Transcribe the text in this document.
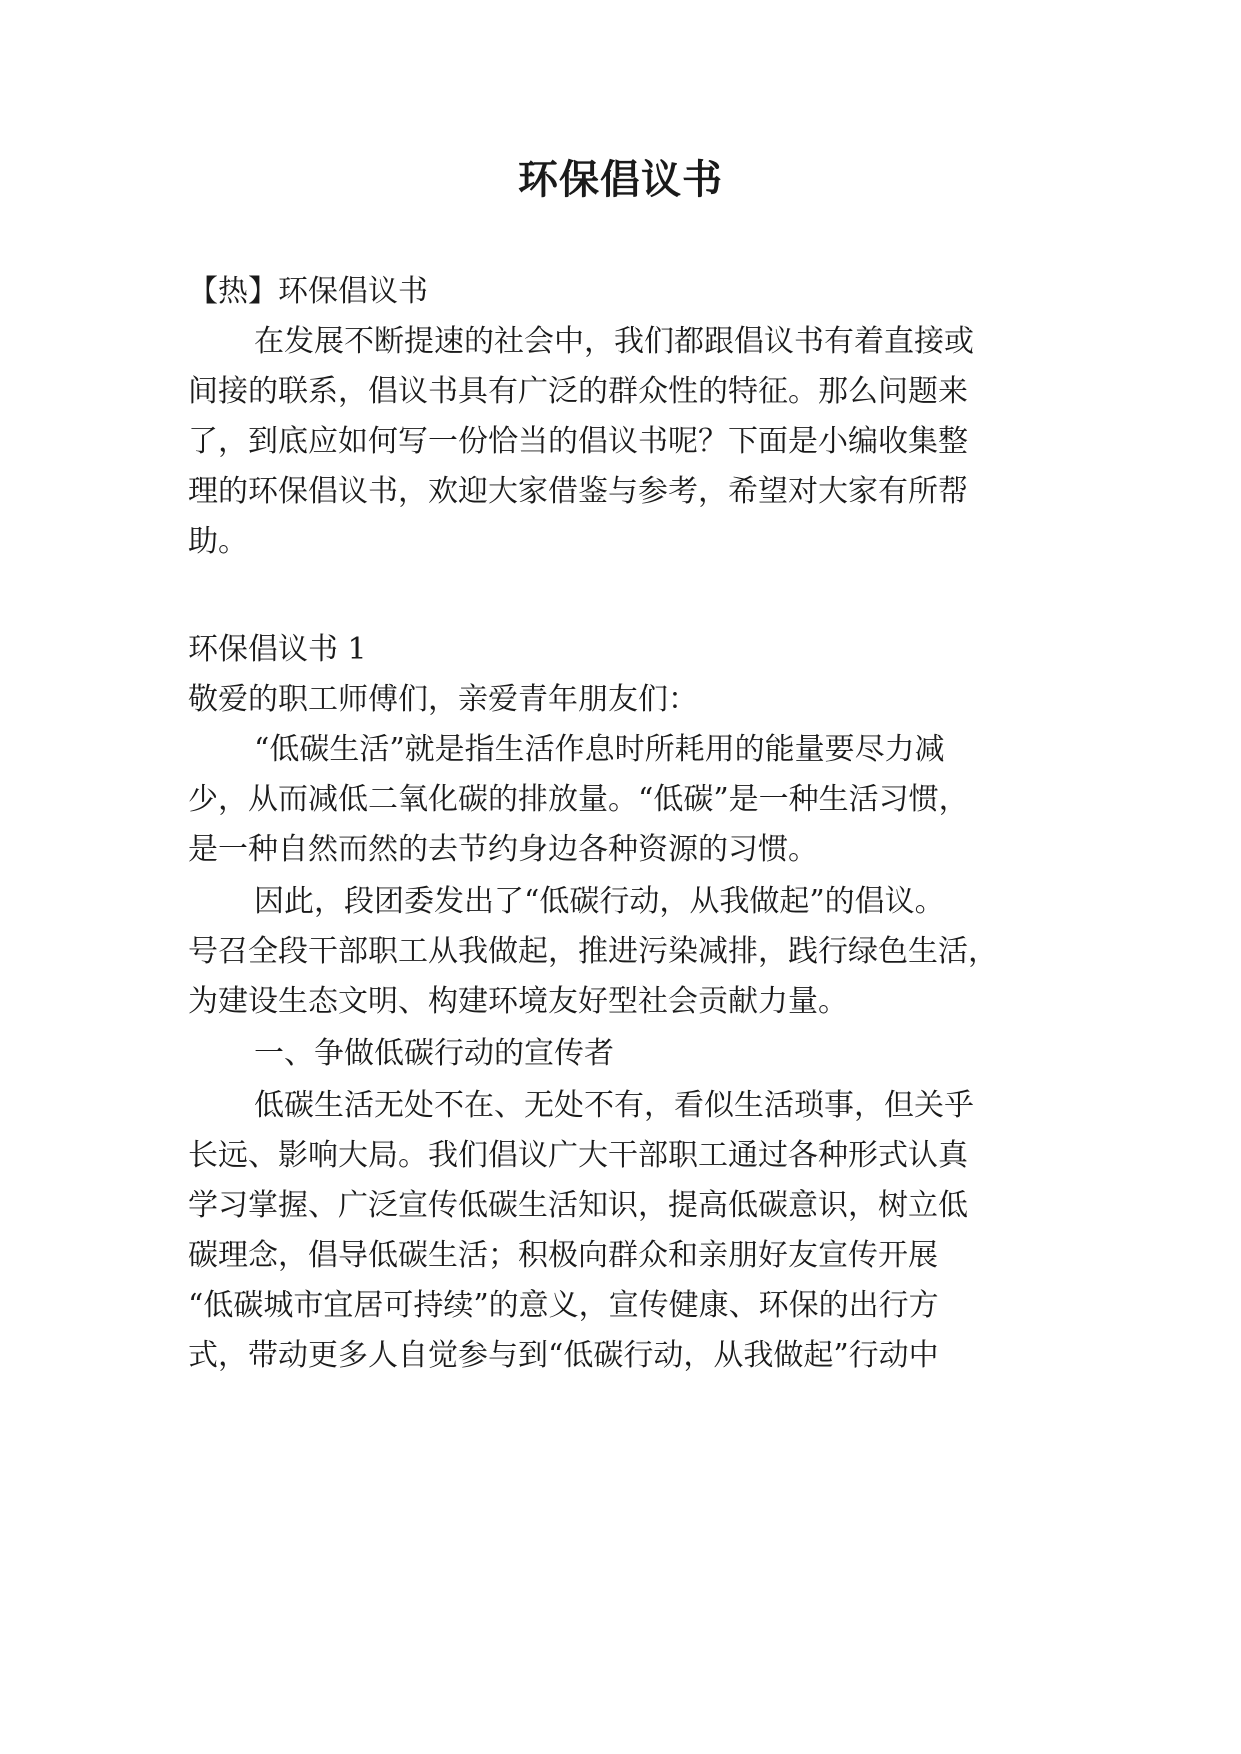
环保倡议书
【热】环保倡议书
在发展不断提速的社会中，我们都跟倡议书有着直接或
间接的联系，倡议书具有广泛的群众性的特征。那么问题来
了，到底应如何写一份恰当的倡议书呢？下面是小编收集整
理的环保倡议书，欢迎大家借鉴与参考，希望对大家有所帮
助。
环保倡议书 1
敬爱的职工师傅们，亲爱青年朋友们：
“低碳生活”就是指生活作息时所耗用的能量要尽力减
少，从而减低二氧化碳的排放量。“低碳”是一种生活习惯，
是一种自然而然的去节约身边各种资源的习惯。
因此，段团委发出了“低碳行动，从我做起”的倡议。
号召全段干部职工从我做起，推进污染减排，践行绿色生活，
为建设生态文明、构建环境友好型社会贡献力量。
一、争做低碳行动的宣传者
低碳生活无处不在、无处不有，看似生活琐事，但关乎
长远、影响大局。我们倡议广大干部职工通过各种形式认真
学习掌握、广泛宣传低碳生活知识，提高低碳意识，树立低
碳理念，倡导低碳生活；积极向群众和亲朋好友宣传开展
“低碳城市宜居可持续”的意义，宣传健康、环保的出行方
式，带动更多人自觉参与到“低碳行动，从我做起”行动中
